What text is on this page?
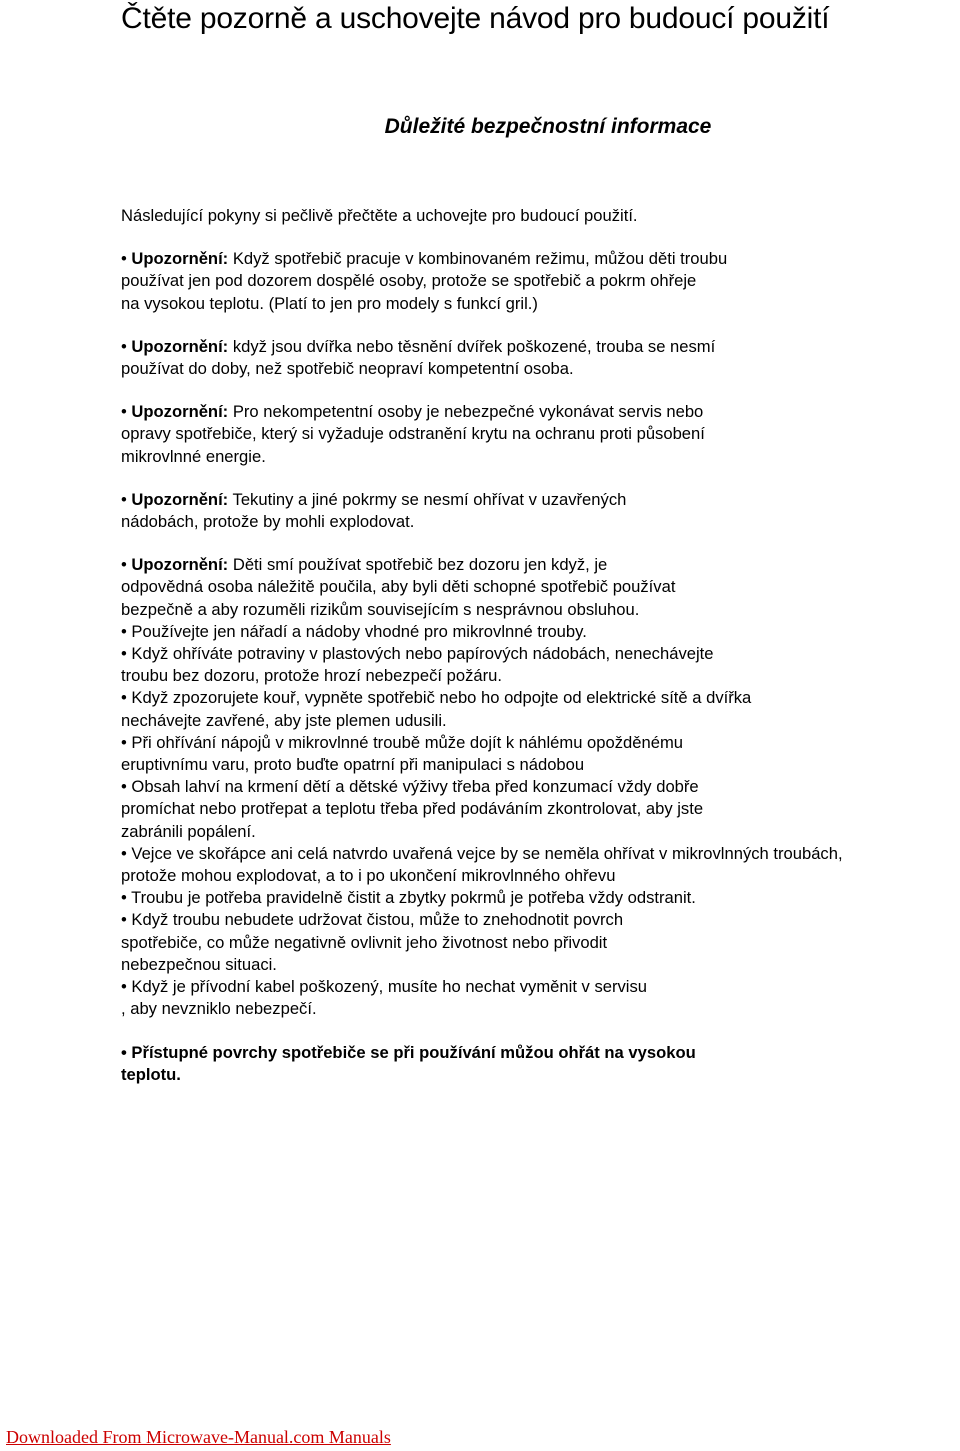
Čtěte pozorně a uschovejte návod pro budoucí použití
Důležité bezpečnostní informace

Následující pokyny si pečlivě přečtěte a uchovejte pro budoucí použití.

• Upozornění: Když spotřebič pracuje v kombinovaném režimu, můžou děti troubu
používat jen pod dozorem dospělé osoby, protože se spotřebič a pokrm ohřeje
na vysokou teplotu. (Platí to jen pro modely s funkcí gril.)

• Upozornění: když jsou dvířka nebo těsnění dvířek poškozené, trouba se nesmí
používat do doby, než spotřebič neopraví kompetentní osoba.

• Upozornění: Pro nekompetentní osoby je nebezpečné vykonávat servis nebo
opravy spotřebiče, který si vyžaduje odstranění krytu na ochranu proti působení
mikrovlnné energie.

• Upozornění: Tekutiny a jiné pokrmy se nesmí ohřívat v uzavřených
nádobách, protože by mohli explodovat.

• Upozornění: Děti smí používat spotřebič bez dozoru jen když, je
odpovědná osoba náležitě poučila, aby byli děti schopné spotřebič používat
bezpečně a aby rozuměli rizikům souvisejícím s nesprávnou obsluhou.
• Používejte jen nářadí a nádoby vhodné pro mikrovlnné trouby.
• Když ohříváte potraviny v plastových nebo papírových nádobách, nenechávejte
troubu bez dozoru, protože hrozí nebezpečí požáru.
• Když zpozorujete kouř, vypněte spotřebič nebo ho odpojte od elektrické sítě a dvířka
nechávejte zavřené, aby jste plemen udusili.
• Při ohřívání nápojů v mikrovlnné troubě může dojít k náhlému opožděnému
eruptivnímu varu, proto buďte opatrní při manipulaci s nádobou
• Obsah lahví na krmení dětí a dětské výživy třeba před konzumací vždy dobře
promíchat nebo protřepat a teplotu třeba před podáváním zkontrolovat, aby jste
zabránili popálení.
• Vejce ve skořápce ani celá natvrdo uvařená vejce by se neměla ohřívat v mikrovlnných troubách,
protože mohou explodovat, a to i po ukončení mikrovlnného ohřevu
• Troubu je potřeba pravidelně čistit a zbytky pokrmů je potřeba vždy odstranit.
• Když troubu nebudete udržovat čistou, může to znehodnotit povrch
spotřebiče, co může negativně ovlivnit jeho životnost nebo přivodit
nebezpečnou situaci.
• Když je přívodní kabel poškozený, musíte ho nechat vyměnit v servisu
, aby nevzniklo nebezpečí.

• Přístupné povrchy spotřebiče se při používání můžou ohřát na vysokou
teplotu.

Downloaded From Microwave-Manual.com Manuals
